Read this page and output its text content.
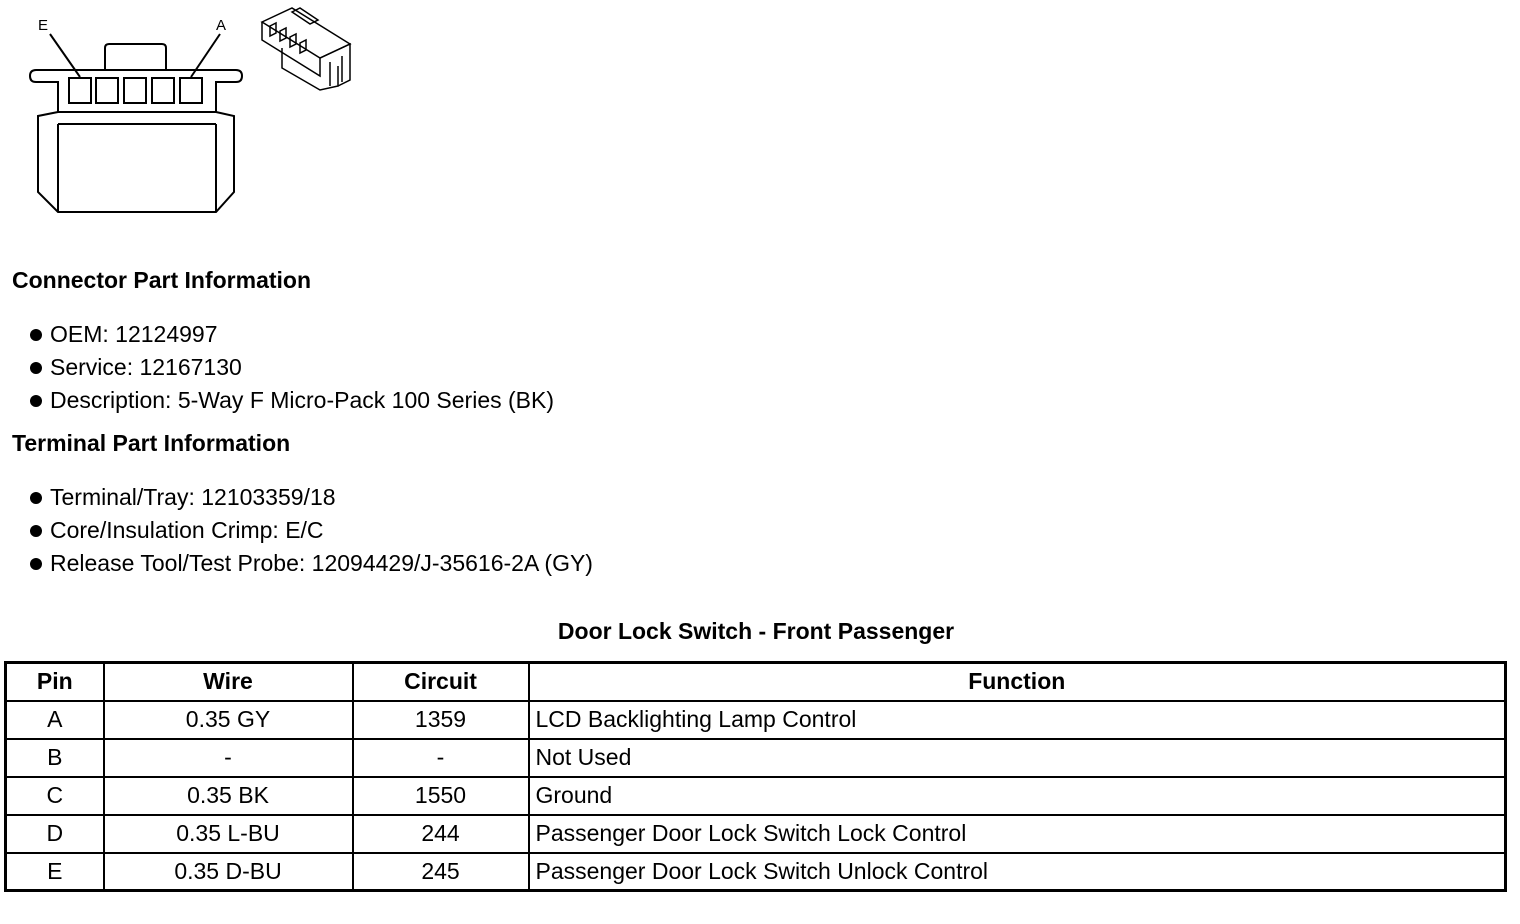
E	A
Connector Part Information
OEM: 12124997
Service: 12167130
Description: 5-Way F Micro-Pack 100 Series (BK)
Terminal Part Information
Terminal/Tray: 12103359/18
Core/Insulation Crimp: E/C
Release Tool/Test Probe: 12094429/J-35616-2A (GY)

Door Lock Switch - Front Passenger

Pin	Wire	Circuit	Function
A	0.35 GY	1359	LCD Backlighting Lamp Control
B	-	-	Not Used
C	0.35 BK	1550	Ground
D	0.35 L-BU	244	Passenger Door Lock Switch Lock Control
E	0.35 D-BU	245	Passenger Door Lock Switch Unlock Control
